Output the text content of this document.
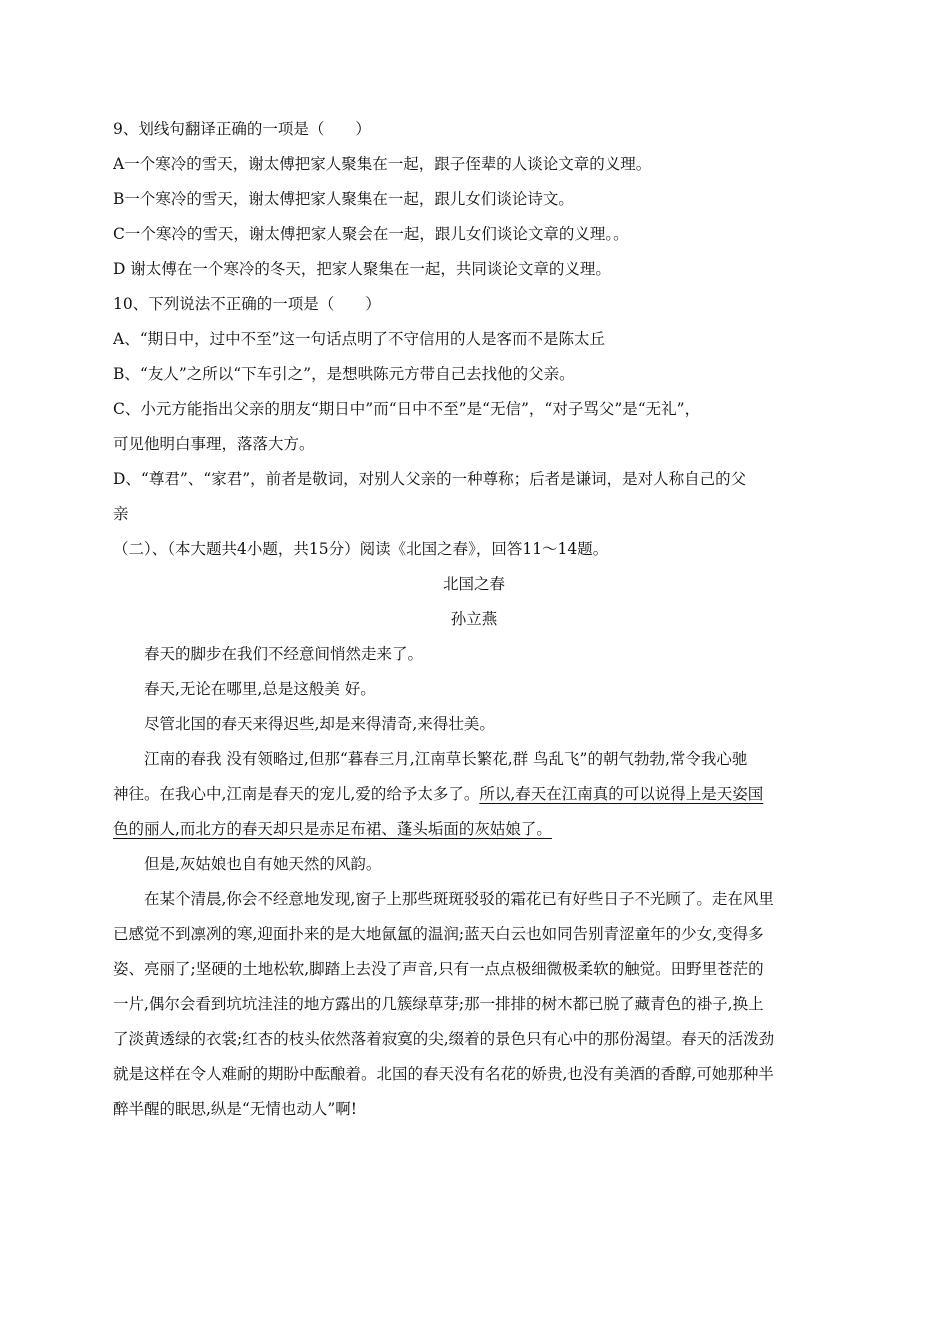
9、划线句翻译正确的一项是（　　）
A一个寒冷的雪天，谢太傅把家人聚集在一起，跟子侄辈的人谈论文章的义理。
B一个寒冷的雪天，谢太傅把家人聚集在一起，跟儿女们谈论诗文。
C一个寒冷的雪天，谢太傅把家人聚会在一起，跟儿女们谈论文章的义理。。
D 谢太傅在一个寒冷的冬天，把家人聚集在一起，共同谈论文章的义理。
10、下列说法不正确的一项是（　　）
A、“期日中，过中不至”这一句话点明了不守信用的人是客而不是陈太丘
B、“友人”之所以“下车引之”，是想哄陈元方带自己去找他的父亲。
C、小元方能指出父亲的朋友“期日中”而“日中不至”是“无信”，“对子骂父”是“无礼”，
可见他明白事理，落落大方。
D、“尊君”、“家君”，前者是敬词，对别人父亲的一种尊称；后者是谦词，是对人称自己的父
亲
（二）、（本大题共4小题，共15分）阅读《北国之春》，回答11～14题。
北国之春
孙立燕
春天的脚步在我们不经意间悄然走来了。
春天,无论在哪里,总是这般美 好。
尽管北国的春天来得迟些,却是来得清奇,来得壮美。
江南的春我 没有领略过,但那“暮春三月,江南草长繁花,群 鸟乱飞”的朝气勃勃,常令我心驰
神往。在我心中,江南是春天的宠儿,爱的给予太多了。所以,春天在江南真的可以说得上是天姿国
色的丽人,而北方的春天却只是赤足布裙、蓬头垢面的灰姑娘了。
但是,灰姑娘也自有她天然的风韵。
在某个清晨,你会不经意地发现,窗子上那些斑斑驳驳的霜花已有好些日子不光顾了。走在风里
已感觉不到凛冽的寒,迎面扑来的是大地氤氲的温润;蓝天白云也如同告别青涩童年的少女,变得多
姿、亮丽了;坚硬的土地松软,脚踏上去没了声音,只有一点点极细微极柔软的触觉。田野里苍茫的
一片,偶尔会看到坑坑洼洼的地方露出的几簇绿草芽;那一排排的树木都已脱了藏青色的褂子,换上
了淡黄透绿的衣裳;红杏的枝头依然落着寂寞的尖,缀着的景色只有心中的那份渴望。春天的活泼劲
就是这样在令人难耐的期盼中酝酿着。北国的春天没有名花的娇贵,也没有美酒的香醇,可她那种半
醉半醒的眠思,纵是“无情也动人”啊!
